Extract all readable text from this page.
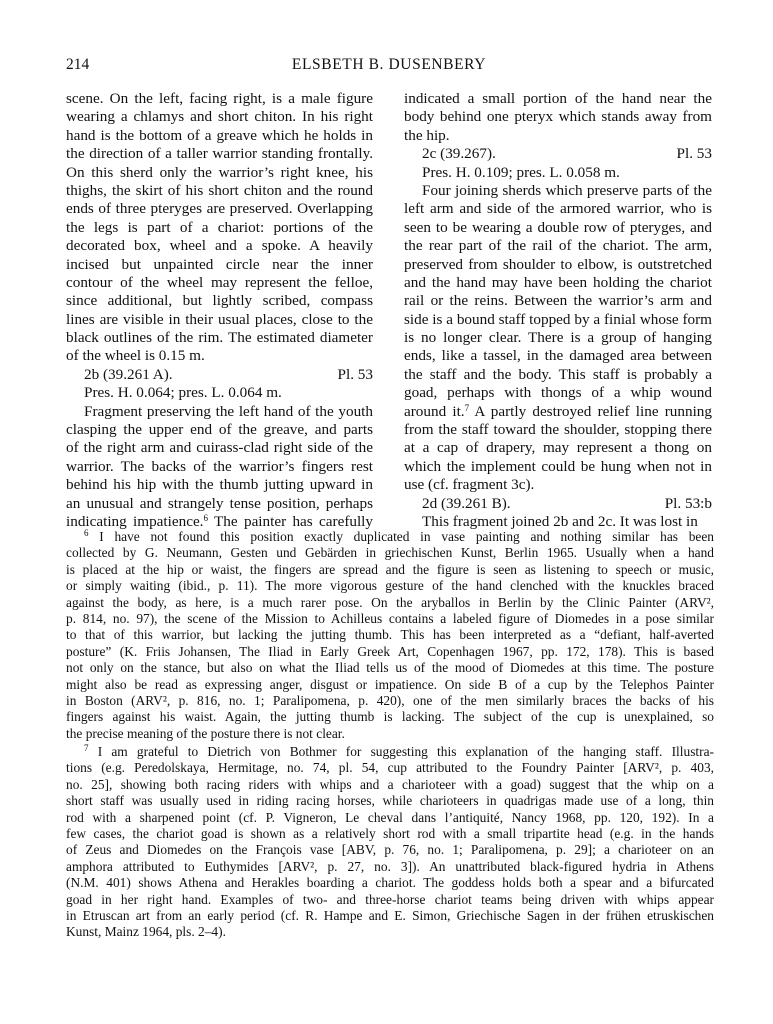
214	ELSBETH B. DUSENBERY
scene. On the left, facing right, is a male figure
wearing a chlamys and short chiton. In his right
hand is the bottom of a greave which he holds in
the direction of a taller warrior standing frontally.
On this sherd only the warrior’s right knee, his
thighs, the skirt of his short chiton and the round
ends of three pteryges are preserved. Overlapping
the legs is part of a chariot: portions of the
decorated box, wheel and a spoke. A heavily
incised but unpainted circle near the inner
contour of the wheel may represent the felloe,
since additional, but lightly scribed, compass
lines are visible in their usual places, close to the
black outlines of the rim. The estimated diameter
of the wheel is 0.15 m.
2b (39.261 A).	Pl. 53
Pres. H. 0.064; pres. L. 0.064 m.
Fragment preserving the left hand of the youth
clasping the upper end of the greave, and parts
of the right arm and cuirass-clad right side of the
warrior. The backs of the warrior’s fingers rest
behind his hip with the thumb jutting upward in
an unusual and strangely tense position, perhaps
indicating impatience.$^6$ The painter has carefully
indicated a small portion of the hand near the
body behind one pteryx which stands away from
the hip.
2c (39.267).	Pl. 53
Pres. H. 0.109; pres. L. 0.058 m.
Four joining sherds which preserve parts of the
left arm and side of the armored warrior, who is
seen to be wearing a double row of pteryges, and
the rear part of the rail of the chariot. The arm,
preserved from shoulder to elbow, is outstretched
and the hand may have been holding the chariot
rail or the reins. Between the warrior’s arm and
side is a bound staff topped by a finial whose form
is no longer clear. There is a group of hanging
ends, like a tassel, in the damaged area between
the staff and the body. This staff is probably a
goad, perhaps with thongs of a whip wound
around it.$^7$ A partly destroyed relief line running
from the staff toward the shoulder, stopping there
at a cap of drapery, may represent a thong on
which the implement could be hung when not in
use (cf. fragment 3c).
2d (39.261 B).	Pl. 53:b
This fragment joined 2b and 2c. It was lost in
$^6$ I have not found this position exactly duplicated in vase painting and nothing similar has been
collected by G. Neumann, Gesten und Gebärden in griechischen Kunst, Berlin 1965. Usually when a hand
is placed at the hip or waist, the fingers are spread and the figure is seen as listening to speech or music,
or simply waiting (ibid., p. 11). The more vigorous gesture of the hand clenched with the knuckles braced
against the body, as here, is a much rarer pose. On the aryballos in Berlin by the Clinic Painter (ARV²,
p. 814, no. 97), the scene of the Mission to Achilleus contains a labeled figure of Diomedes in a pose similar
to that of this warrior, but lacking the jutting thumb. This has been interpreted as a “defiant, half-averted
posture” (K. Friis Johansen, The Iliad in Early Greek Art, Copenhagen 1967, pp. 172, 178). This is based
not only on the stance, but also on what the Iliad tells us of the mood of Diomedes at this time. The posture
might also be read as expressing anger, disgust or impatience. On side B of a cup by the Telephos Painter
in Boston (ARV², p. 816, no. 1; Paralipomena, p. 420), one of the men similarly braces the backs of his
fingers against his waist. Again, the jutting thumb is lacking. The subject of the cup is unexplained, so
the precise meaning of the posture there is not clear.
$^7$ I am grateful to Dietrich von Bothmer for suggesting this explanation of the hanging staff. Illustra-
tions (e.g. Peredolskaya, Hermitage, no. 74, pl. 54, cup attributed to the Foundry Painter [ARV², p. 403,
no. 25], showing both racing riders with whips and a charioteer with a goad) suggest that the whip on a
short staff was usually used in riding racing horses, while charioteers in quadrigas made use of a long, thin
rod with a sharpened point (cf. P. Vigneron, Le cheval dans l’antiquité, Nancy 1968, pp. 120, 192). In a
few cases, the chariot goad is shown as a relatively short rod with a small tripartite head (e.g. in the hands
of Zeus and Diomedes on the François vase [ABV, p. 76, no. 1; Paralipomena, p. 29]; a charioteer on an
amphora attributed to Euthymides [ARV², p. 27, no. 3]). An unattributed black-figured hydria in Athens
(N.M. 401) shows Athena and Herakles boarding a chariot. The goddess holds both a spear and a bifurcated
goad in her right hand. Examples of two- and three-horse chariot teams being driven with whips appear
in Etruscan art from an early period (cf. R. Hampe and E. Simon, Griechische Sagen in der frühen etruskischen
Kunst, Mainz 1964, pls. 2–4).
